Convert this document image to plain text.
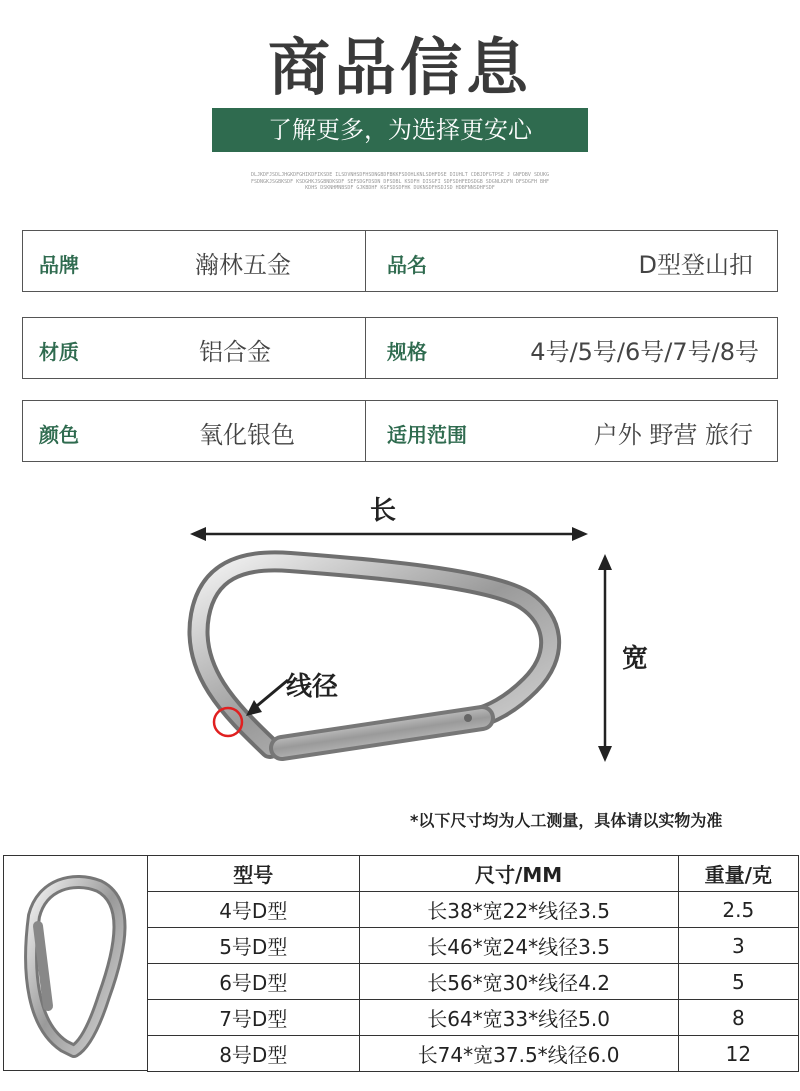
商品信息
了解更多，为选择更安心
DLJKDFJSDLJHGKDFGHIKDFIKSDE ILSDVNHSDFHSDNGBDFBKKFSDOHLKNLSDHFDSE DIUHLT CDBJDFGTPSE J GNFDBV SDUKGFSDNGKJSGBKSDF KSDGHKJSGBNDKSDF SEFSDGFDSDN DFSDBL KSDFH DISGFI SDFSDHFEDSDGB SDGNLKDFN DFSDGFH BHFKDHS DSKNHMNBSDF GJKBDHF KGFSDSDFHK DUKNSDFHSDJSD HDBFNNSDHFSDF
品牌	瀚林五金	品名	D型登山扣
材质	铝合金	规格	4号/5号/6号/7号/8号
颜色	氧化银色	适用范围	户外 野营 旅行
长
宽
线径
*以下尺寸均为人工测量，具体请以实物为准
型号	尺寸/MM	重量/克
4号D型	长38*宽22*线径3.5	2.5
5号D型	长46*宽24*线径3.5	3
6号D型	长56*宽30*线径4.2	5
7号D型	长64*宽33*线径5.0	8
8号D型	长74*宽37.5*线径6.0	12
